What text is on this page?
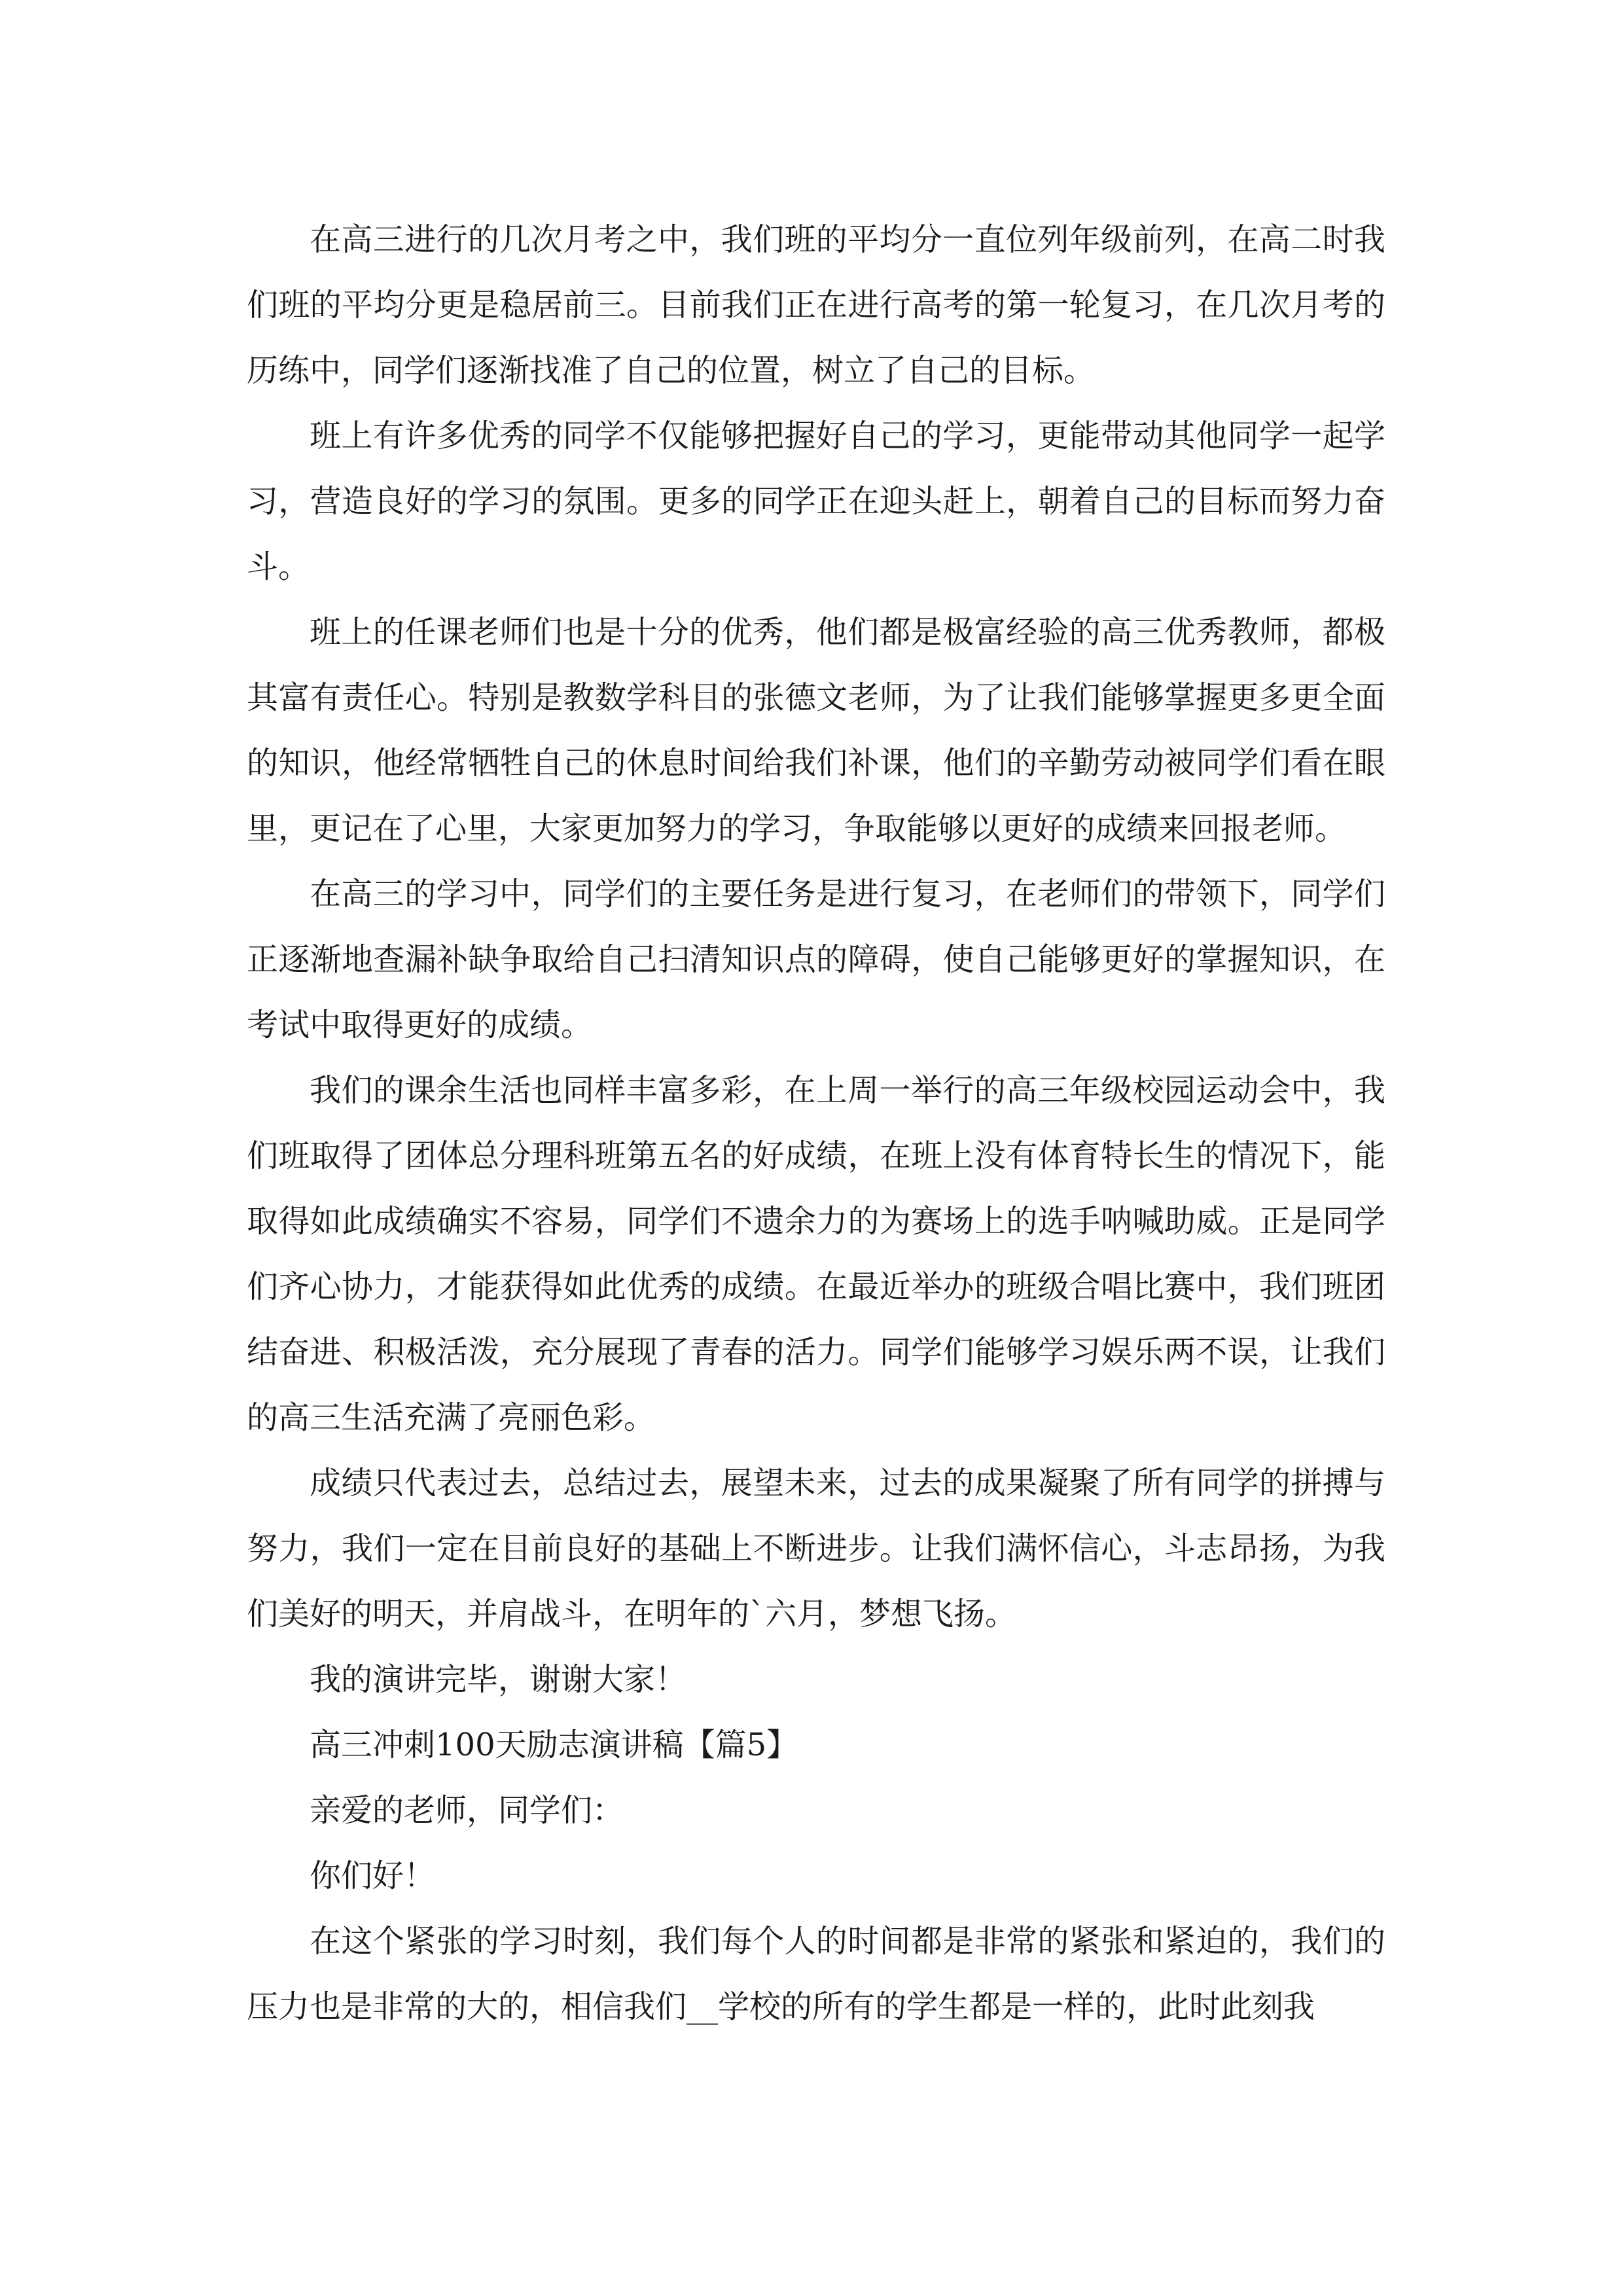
在高三进行的几次月考之中，我们班的平均分一直位列年级前列，在高二时我们班的平均分更是稳居前三。目前我们正在进行高考的第一轮复习，在几次月考的历练中，同学们逐渐找准了自己的位置，树立了自己的目标。

班上有许多优秀的同学不仅能够把握好自己的学习，更能带动其他同学一起学习，营造良好的学习的氛围。更多的同学正在迎头赶上，朝着自己的目标而努力奋斗。

班上的任课老师们也是十分的优秀，他们都是极富经验的高三优秀教师，都极其富有责任心。特别是教数学科目的张德文老师，为了让我们能够掌握更多更全面的知识，他经常牺牲自己的休息时间给我们补课，他们的辛勤劳动被同学们看在眼里，更记在了心里，大家更加努力的学习，争取能够以更好的成绩来回报老师。

在高三的学习中，同学们的主要任务是进行复习，在老师们的带领下，同学们正逐渐地查漏补缺争取给自己扫清知识点的障碍，使自己能够更好的掌握知识，在考试中取得更好的成绩。

我们的课余生活也同样丰富多彩，在上周一举行的高三年级校园运动会中，我们班取得了团体总分理科班第五名的好成绩，在班上没有体育特长生的情况下，能取得如此成绩确实不容易，同学们不遗余力的为赛场上的选手呐喊助威。正是同学们齐心协力，才能获得如此优秀的成绩。在最近举办的班级合唱比赛中，我们班团结奋进、积极活泼，充分展现了青春的活力。同学们能够学习娱乐两不误，让我们的高三生活充满了亮丽色彩。

成绩只代表过去，总结过去，展望未来，过去的成果凝聚了所有同学的拼搏与努力，我们一定在目前良好的基础上不断进步。让我们满怀信心，斗志昂扬，为我们美好的明天，并肩战斗，在明年的`六月，梦想飞扬。

我的演讲完毕，谢谢大家！

高三冲刺100天励志演讲稿【篇5】

亲爱的老师，同学们：

你们好！

在这个紧张的学习时刻，我们每个人的时间都是非常的紧张和紧迫的，我们的压力也是非常的大的，相信我们__学校的所有的学生都是一样的，此时此刻我
